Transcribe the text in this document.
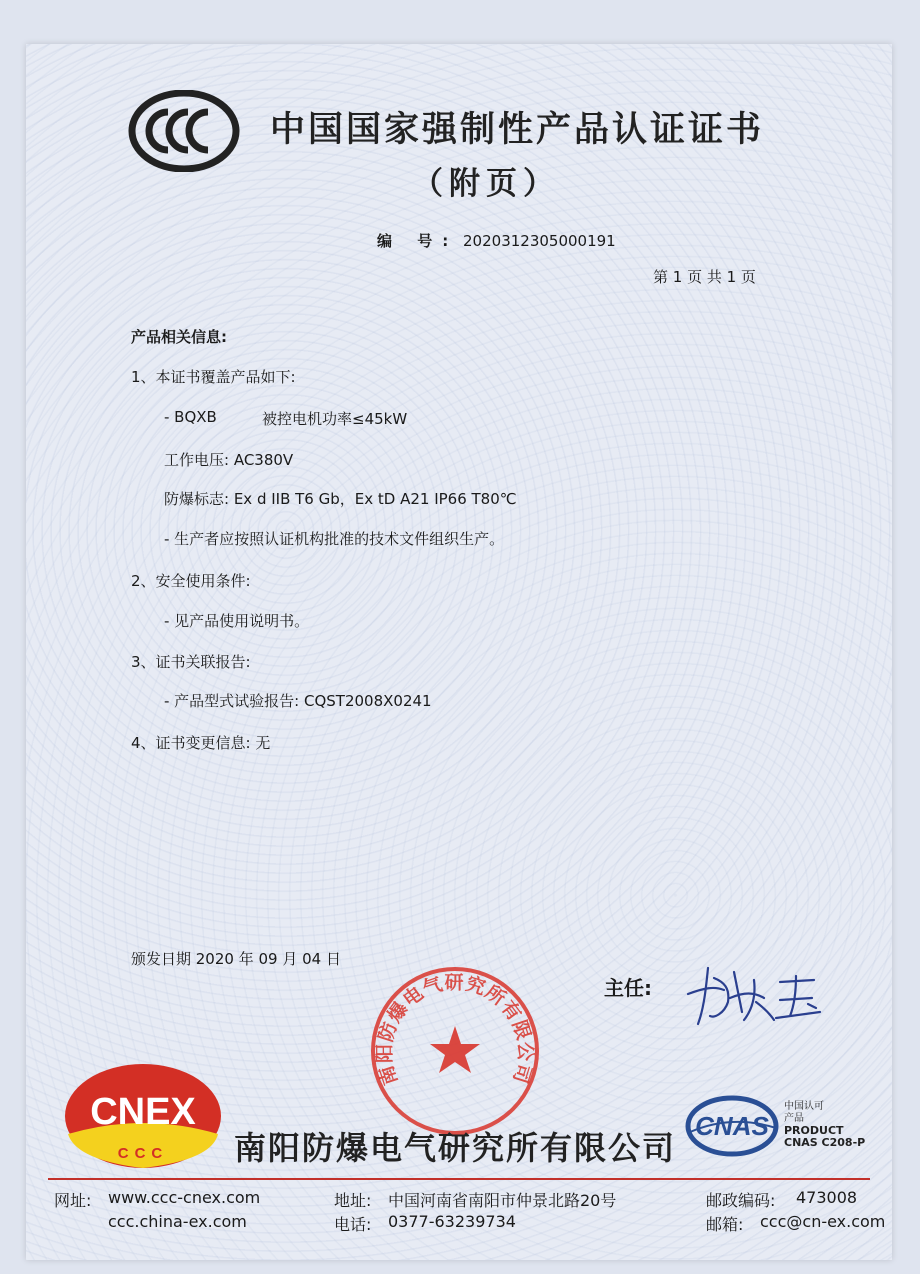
CCC 中国国家强制性产品认证证书
（附页）
编 号: 2020312305000191
第 1 页 共 1 页
产品相关信息:
1、本证书覆盖产品如下:
- BQXB	被控电机功率≤45kW
工作电压: AC380V
防爆标志: Ex d IIB T6 Gb，Ex tD A21 IP66 T80℃
- 生产者应按照认证机构批准的技术文件组织生产。
2、安全使用条件:
- 见产品使用说明书。
3、证书关联报告:
- 产品型式试验报告: CQST2008X0241
4、证书变更信息: 无
颁发日期 2020 年 09 月 04 日
南阳防爆电气研究所有限公司
主任:
穆大玉
CNEX
CCC 南阳防爆电气研究所有限公司
CNAS
中国认可
产品
PRODUCT
CNAS C208-P
网址: www.ccc-cnex.com
ccc.china-ex.com
地址: 中国河南省南阳市仲景北路20号
电话: 0377-63239734
邮政编码: 473008
邮箱: ccc@cn-ex.com
